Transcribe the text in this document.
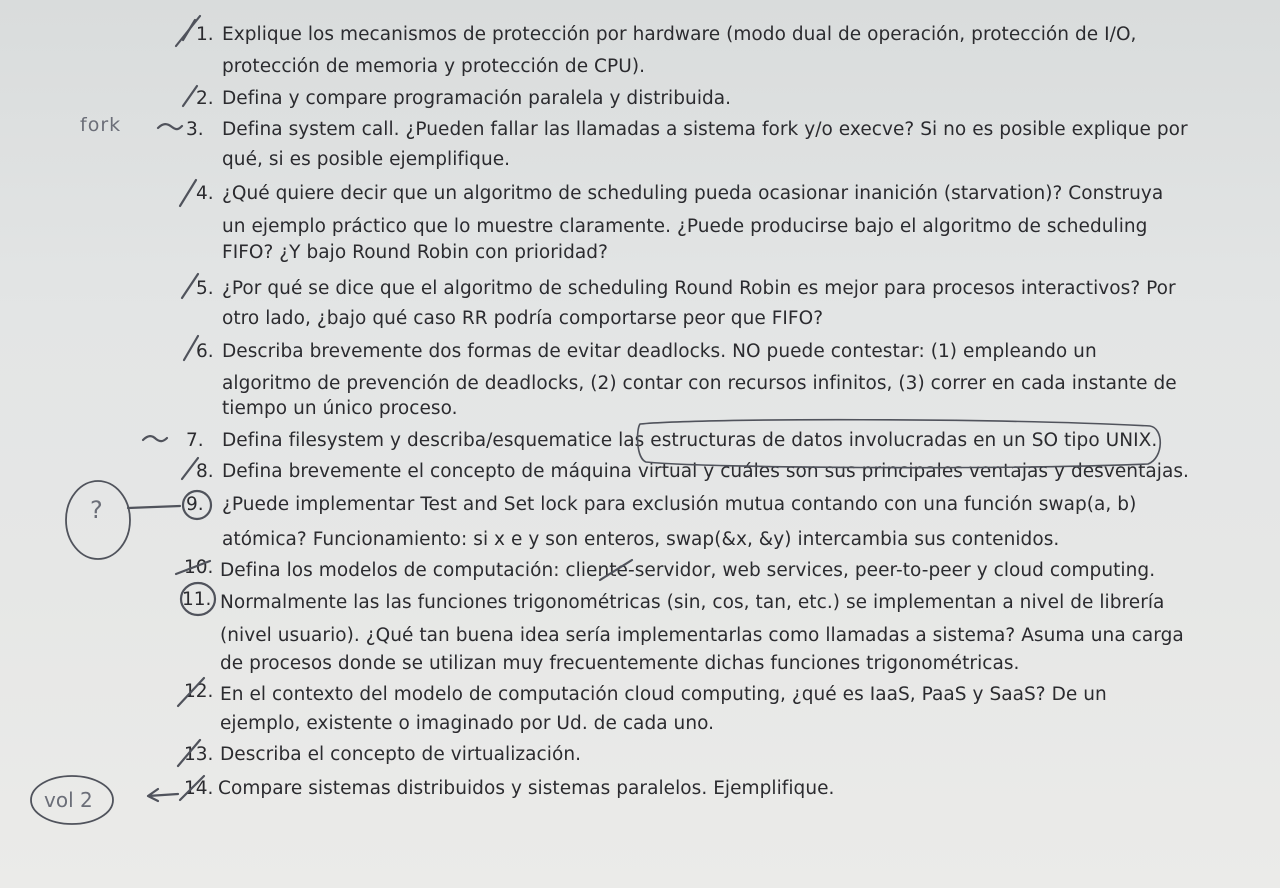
1. Explique los mecanismos de protección por hardware (modo dual de operación, protección de I/O,
protección de memoria y protección de CPU).
2. Defina y compare programación paralela y distribuida.
3. Defina system call. ¿Pueden fallar las llamadas a sistema fork y/o execve? Si no es posible explique por
qué, si es posible ejemplifique.
4. ¿Qué quiere decir que un algoritmo de scheduling pueda ocasionar inanición (starvation)? Construya
un ejemplo práctico que lo muestre claramente. ¿Puede producirse bajo el algoritmo de scheduling
FIFO? ¿Y bajo Round Robin con prioridad?
5. ¿Por qué se dice que el algoritmo de scheduling Round Robin es mejor para procesos interactivos? Por
otro lado, ¿bajo qué caso RR podría comportarse peor que FIFO?
6. Describa brevemente dos formas de evitar deadlocks. NO puede contestar: (1) empleando un
algoritmo de prevención de deadlocks, (2) contar con recursos infinitos, (3) correr en cada instante de
tiempo un único proceso.
7. Defina filesystem y describa/esquematice las estructuras de datos involucradas en un SO tipo UNIX.
8. Defina brevemente el concepto de máquina virtual y cuáles son sus principales ventajas y desventajas.
9. ¿Puede implementar Test and Set lock para exclusión mutua contando con una función swap(a, b)
atómica? Funcionamiento: si x e y son enteros, swap(&x, &y) intercambia sus contenidos.
10. Defina los modelos de computación: cliente-servidor, web services, peer-to-peer y cloud computing.
11. Normalmente las las funciones trigonométricas (sin, cos, tan, etc.) se implementan a nivel de librería
(nivel usuario). ¿Qué tan buena idea sería implementarlas como llamadas a sistema? Asuma una carga
de procesos donde se utilizan muy frecuentemente dichas funciones trigonométricas.
12. En el contexto del modelo de computación cloud computing, ¿qué es IaaS, PaaS y SaaS? De un
ejemplo, existente o imaginado por Ud. de cada uno.
13. Describa el concepto de virtualización.
14. Compare sistemas distribuidos y sistemas paralelos. Ejemplifique.
fork
?
vol 2
